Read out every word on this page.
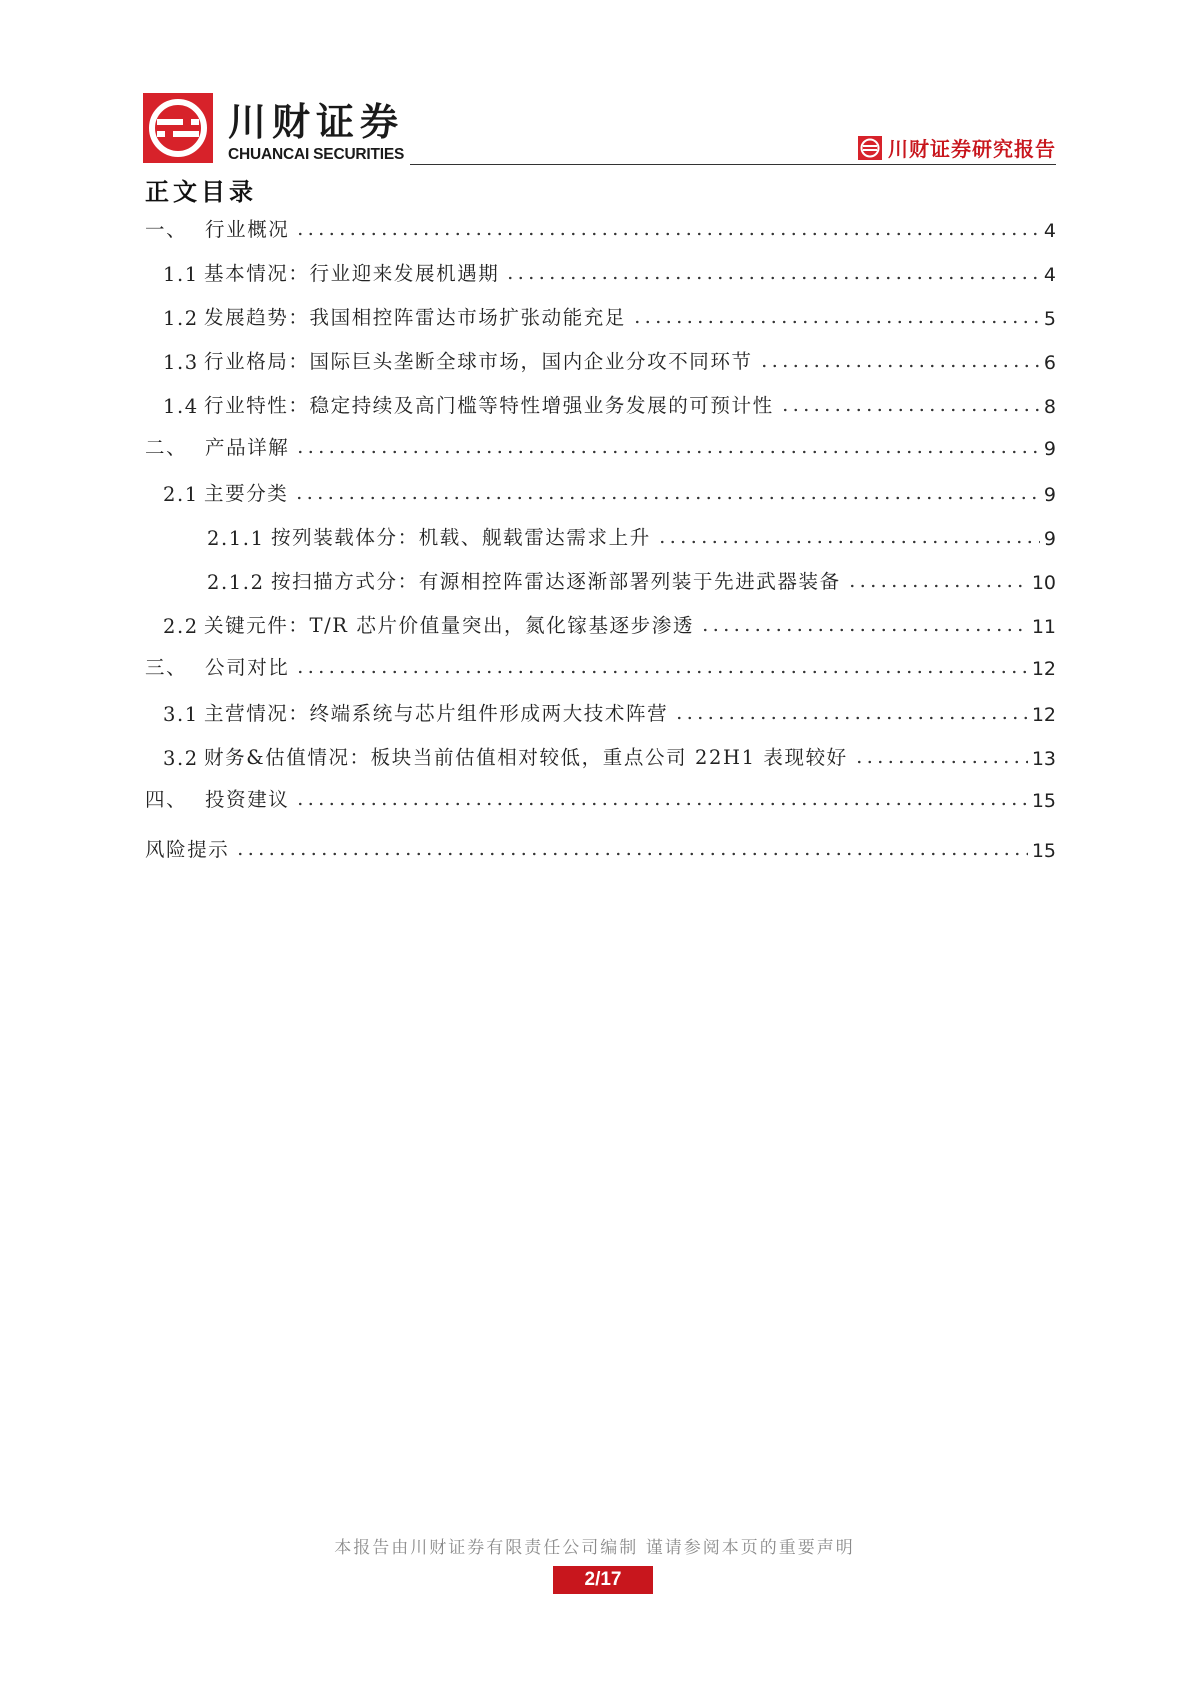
川财证券
CHUANCAI SECURITIES	川财证券研究报告
正文目录
一、 行业概况	4
1.1 基本情况：行业迎来发展机遇期	4
1.2 发展趋势：我国相控阵雷达市场扩张动能充足	5
1.3 行业格局：国际巨头垄断全球市场，国内企业分攻不同环节	6
1.4 行业特性：稳定持续及高门槛等特性增强业务发展的可预计性	8
二、 产品详解	9
2.1 主要分类	9
2.1.1 按列装载体分：机载、舰载雷达需求上升	9
2.1.2 按扫描方式分：有源相控阵雷达逐渐部署列装于先进武器装备	10
2.2 关键元件：T/R 芯片价值量突出，氮化镓基逐步渗透	11
三、 公司对比	12
3.1 主营情况：终端系统与芯片组件形成两大技术阵营	12
3.2 财务&估值情况：板块当前估值相对较低，重点公司 22H1 表现较好	13
四、 投资建议	15
风险提示	15
本报告由川财证券有限责任公司编制 谨请参阅本页的重要声明
2/17
